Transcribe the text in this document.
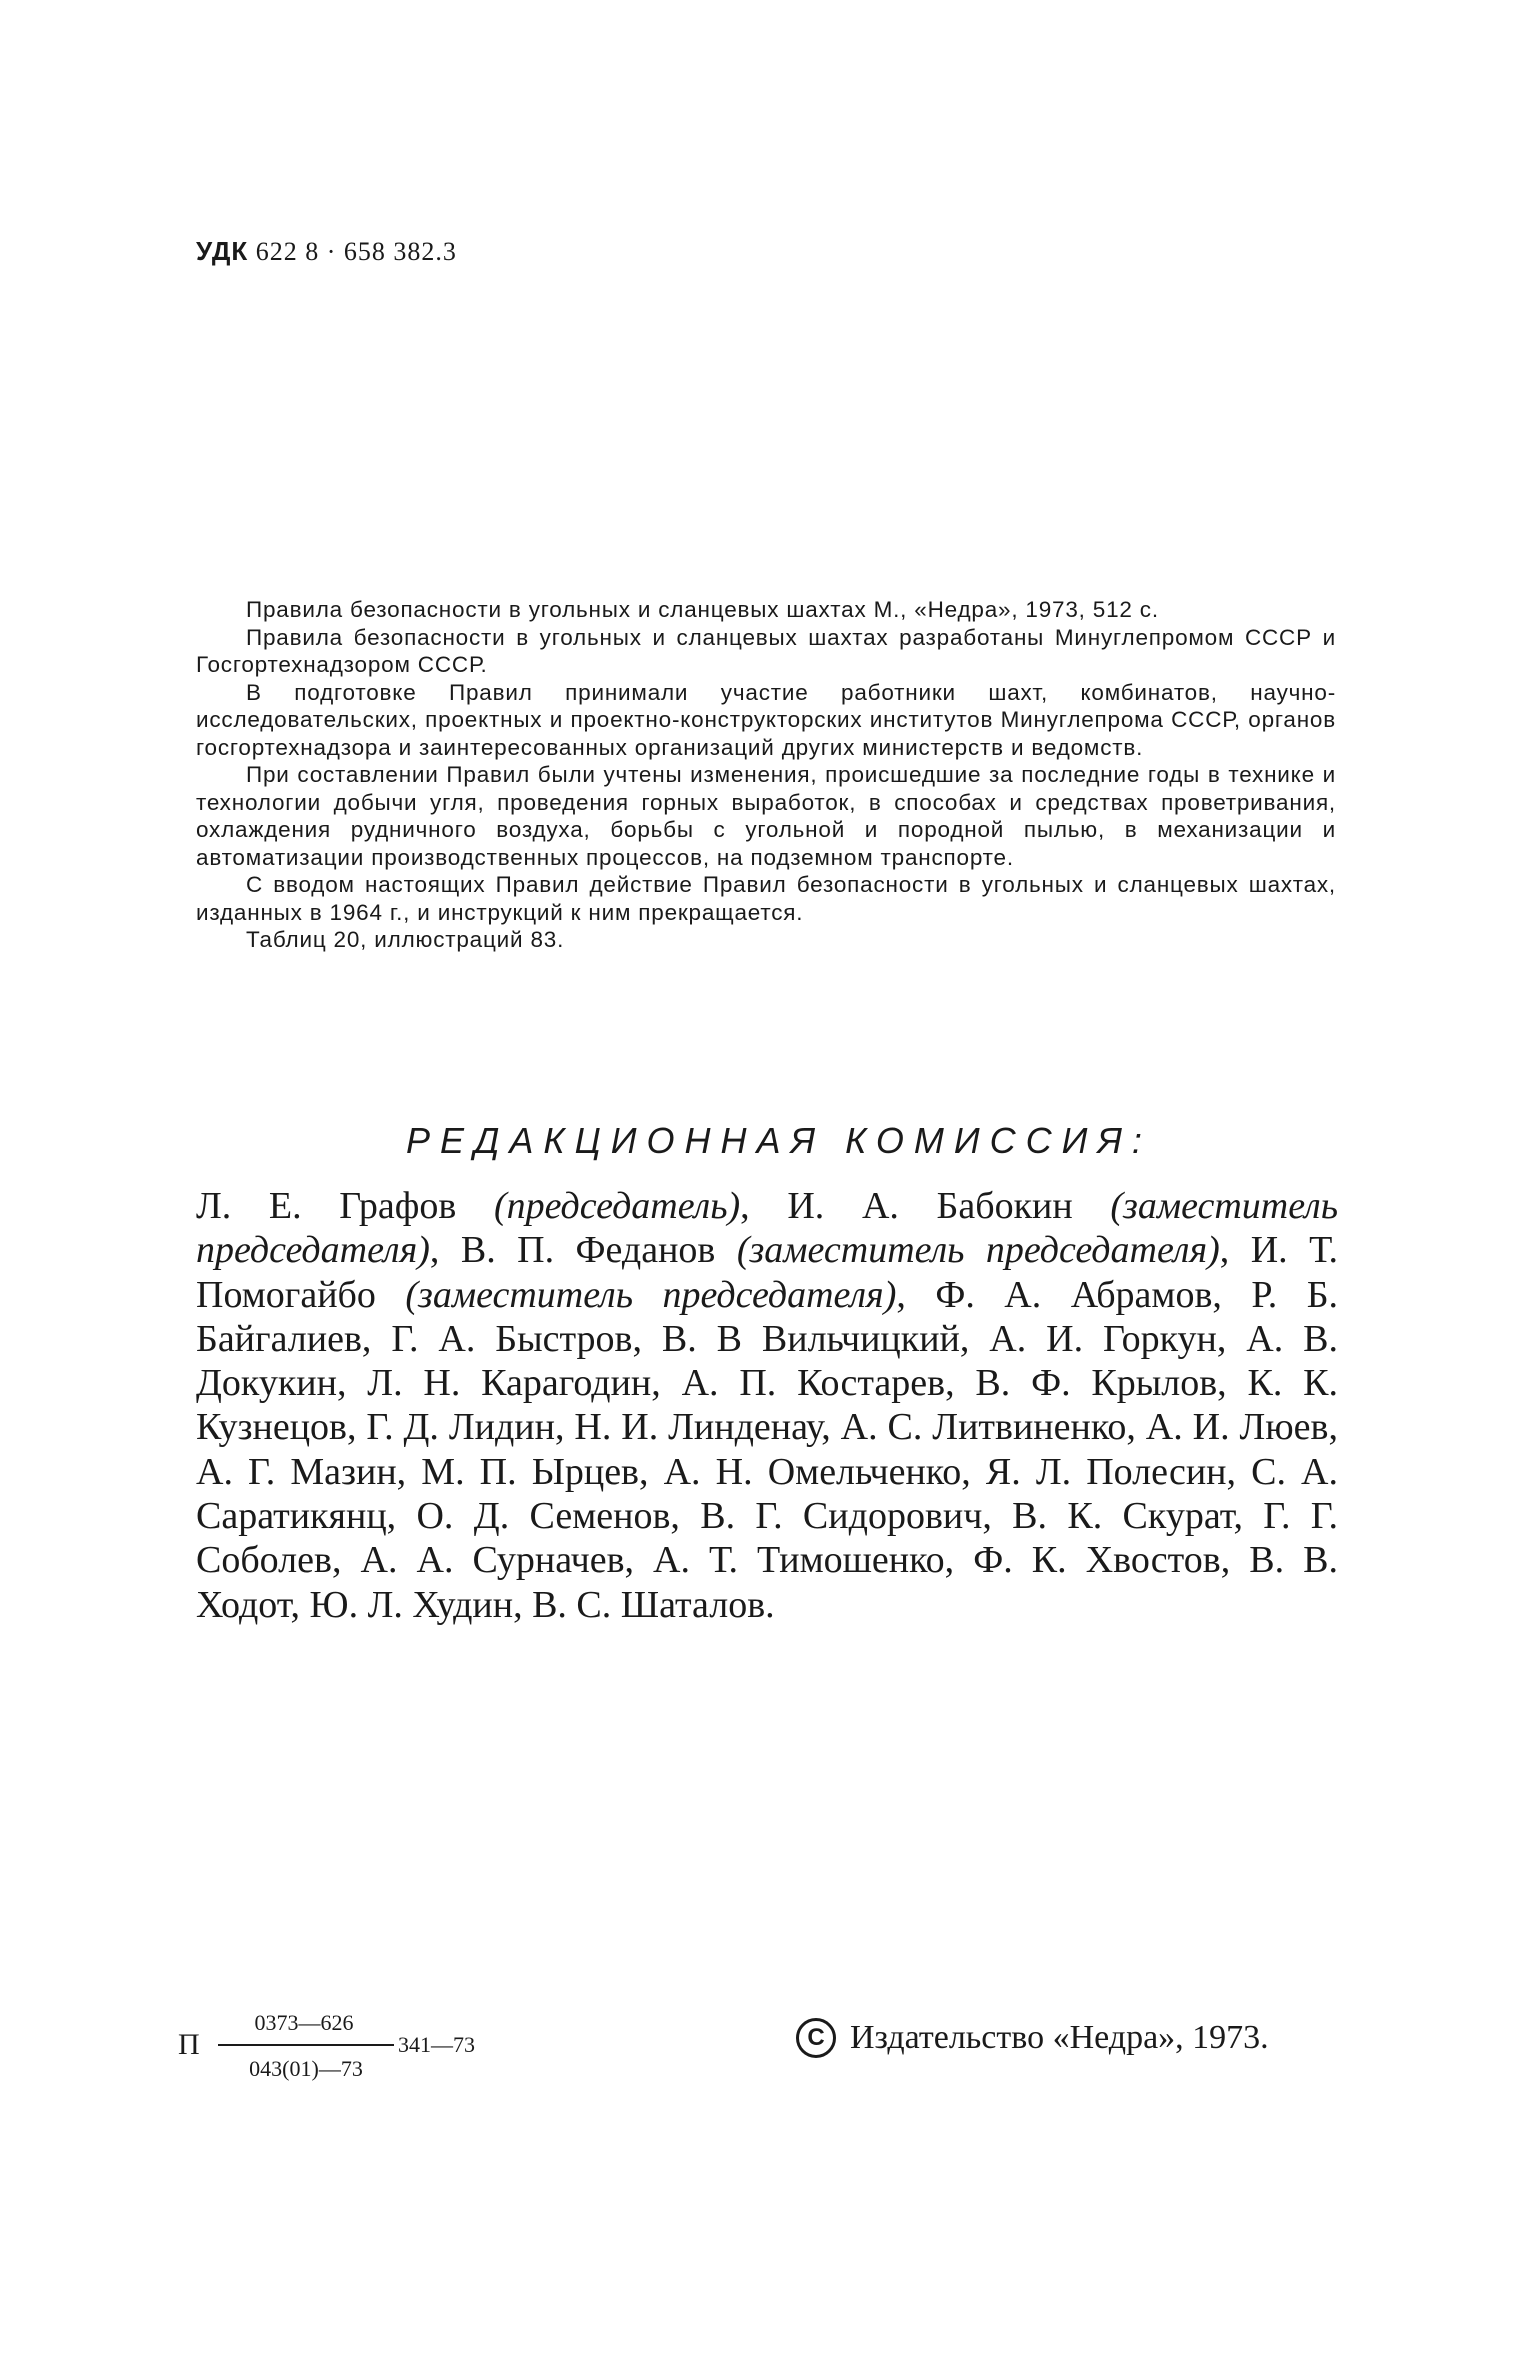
УДК 622 8 · 658 382.3

Правила безопасности в угольных и сланцевых шахтах М., «Недра», 1973, 512 с.

Правила безопасности в угольных и сланцевых шахтах разработаны Минуглепромом СССР и Госгортехнадзором СССР.

В подготовке Правил принимали участие работники шахт, комбинатов, научно-исследовательских, проектных и проектно-конструкторских институтов Минуглепрома СССР, органов госгортехнадзора и заинтересованных организаций других министерств и ведомств.

При составлении Правил были учтены изменения, происшедшие за последние годы в технике и технологии добычи угля, проведения горных выработок, в способах и средствах проветривания, охлаждения рудничного воздуха, борьбы с угольной и породной пылью, в механизации и автоматизации производственных процессов, на подземном транспорте.

С вводом настоящих Правил действие Правил безопасности в угольных и сланцевых шахтах, изданных в 1964 г., и инструкций к ним прекращается.

Таблиц 20, иллюстраций 83.

РЕДАКЦИОННАЯ КОМИССИЯ:
Л. Е. Графов (председатель), И. А. Бабокин (заместитель председателя), В. П. Феданов (заместитель председателя), И. Т. Помогайбо (заместитель председателя), Ф. А. Абрамов, Р. Б. Байгалиев, Г. А. Быстров, В. В Вильчицкий, А. И. Горкун, А. В. Докукин, Л. Н. Карагодин, А. П. Костарев, В. Ф. Крылов, К. К. Кузнецов, Г. Д. Лидин, Н. И. Линденау, А. С. Литвиненко, А. И. Люев, А. Г. Мазин, М. П. Ырцев, А. Н. Омельченко, Я. Л. Полесин, С. А. Саратикянц, О. Д. Семенов, В. Г. Сидорович, В. К. Скурат, Г. Г. Соболев, А. А. Сурначев, А. Т. Тимошенко, Ф. К. Хвостов, В. В. Ходот, Ю. Л. Худин, В. С. Шаталов.
П
0373—626
043(01)—73
341—73	C Издательство «Недра», 1973.
